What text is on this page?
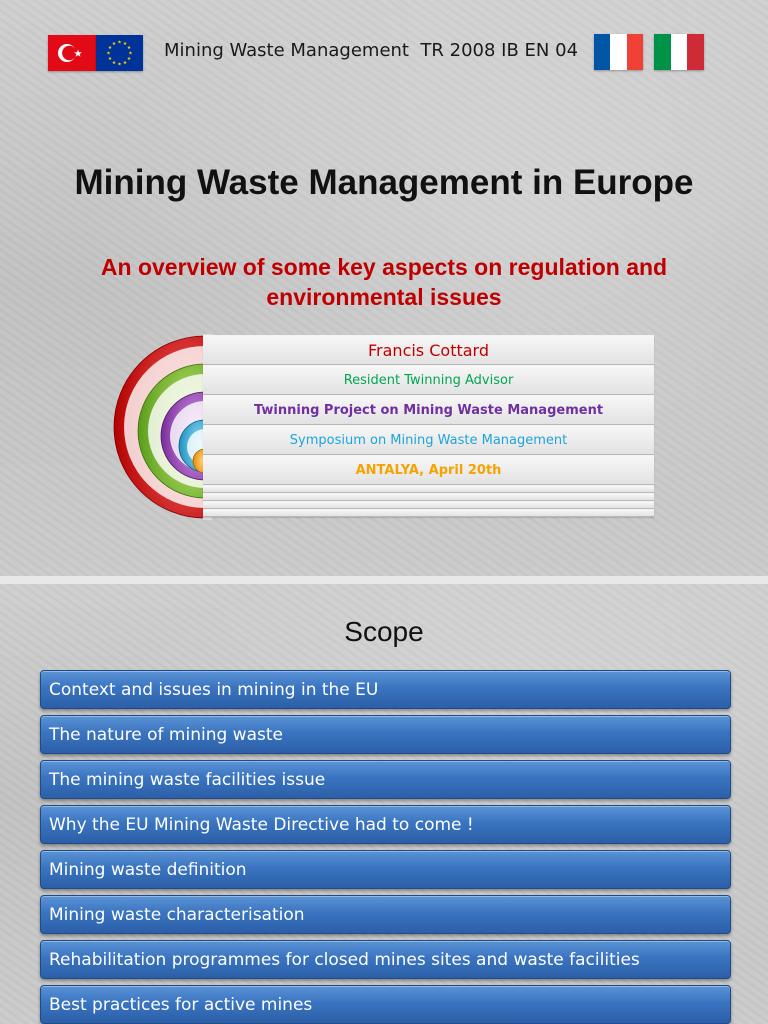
Mining Waste Management  TR 2008 IB EN 04
Mining Waste Management in Europe
An overview of some key aspects on regulation and environmental issues
Francis Cottard
Resident Twinning Advisor
Twinning Project on Mining Waste Management
Symposium on Mining Waste Management
ANTALYA, April 20th
Scope
Context and issues in mining in the EU
The nature of mining waste
The mining waste facilities issue
Why the EU Mining Waste Directive had to come !
Mining waste definition
Mining waste characterisation
Rehabilitation programmes for closed mines sites and waste facilities
Best practices for active mines
